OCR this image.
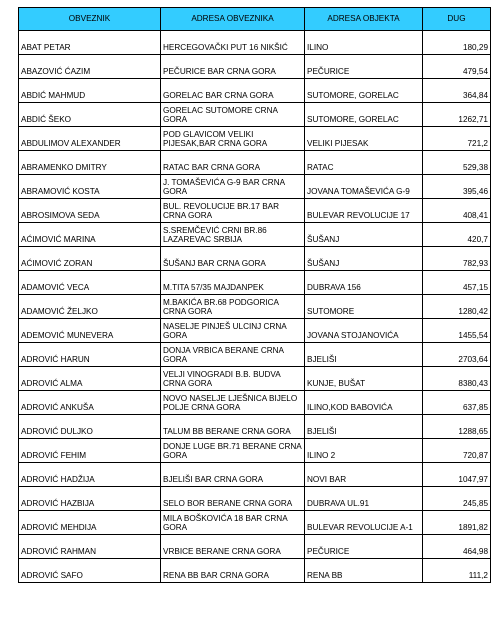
OBVEZNIK	ADRESA OBVEZNIKA	ADRESA OBJEKTA	DUG
ABAT PETAR	HERCEGOVAČKI PUT 16 NIKŠIĆ	ILINO	180,29
ABAZOVIĆ ĆAZIM	PEČURICE BAR CRNA GORA	PEČURICE	479,54
ABDIĆ MAHMUD	GORELAC BAR CRNA GORA	SUTOMORE, GORELAC	364,84
ABDIĆ ŠEKO	GORELAC SUTOMORE CRNA GORA	SUTOMORE, GORELAC	1262,71
ABDULIMOV ALEXANDER	POD GLAVICOM VELIKI PIJESAK,BAR CRNA GORA	VELIKI PIJESAK	721,2
ABRAMENKO DMITRY	RATAC BAR CRNA GORA	RATAC	529,38
ABRAMOVIĆ KOSTA	J. TOMAŠEVIĆA G-9 BAR CRNA GORA	JOVANA TOMAŠEVIĆA G-9	395,46
ABROSIMOVA SEDA	BUL. REVOLUCIJE BR.17 BAR CRNA GORA	BULEVAR REVOLUCIJE 17	408,41
AĆIMOVIĆ MARINA	S.SREMČEVIĆ CRNI BR.86 LAZAREVAC SRBIJA	ŠUŠANJ	420,7
AĆIMOVIĆ ZORAN	ŠUŠANJ BAR CRNA GORA	ŠUŠANJ	782,93
ADAMOVIĆ VECA	M.TITA 57/35 MAJDANPEK	DUBRAVA 156	457,15
ADAMOVIĆ ŽELJKO	M.BAKIĆA BR.68 PODGORICA CRNA GORA	SUTOMORE	1280,42
ADEMOVIĆ MUNEVERA	NASELJE PINJEŠ ULCINJ CRNA GORA	JOVANA STOJANOVIĆA	1455,54
ADROVIĆ HARUN	DONJA VRBICA BERANE CRNA GORA	BJELIŠI	2703,64
ADROVIĆ ALMA	VELJI VINOGRADI B.B. BUDVA CRNA GORA	KUNJE, BUŠAT	8380,43
ADROVIĆ ANKUŠA	NOVO NASELJE LJEŠNICA BIJELO POLJE CRNA GORA	ILINO,KOD BABOVIĆA	637,85
ADROVIĆ DULJKO	TALUM BB BERANE CRNA GORA	BJELIŠI	1288,65
ADROVIĆ FEHIM	DONJE LUGE BR.71 BERANE CRNA GORA	ILINO 2	720,87
ADROVIĆ HADŽIJA	BJELIŠI BAR CRNA GORA	NOVI BAR	1047,97
ADROVIĆ HAZBIJA	SELO BOR BERANE CRNA GORA	DUBRAVA UL.91	245,85
ADROVIĆ MEHDIJA	MILA BOŠKOVIĆA 18 BAR CRNA GORA	BULEVAR REVOLUCIJE A-1	1891,82
ADROVIĆ RAHMAN	VRBICE BERANE CRNA GORA	PEČURICE	464,98
ADROVIĆ SAFO	RENA BB BAR CRNA GORA	RENA BB	111,2
